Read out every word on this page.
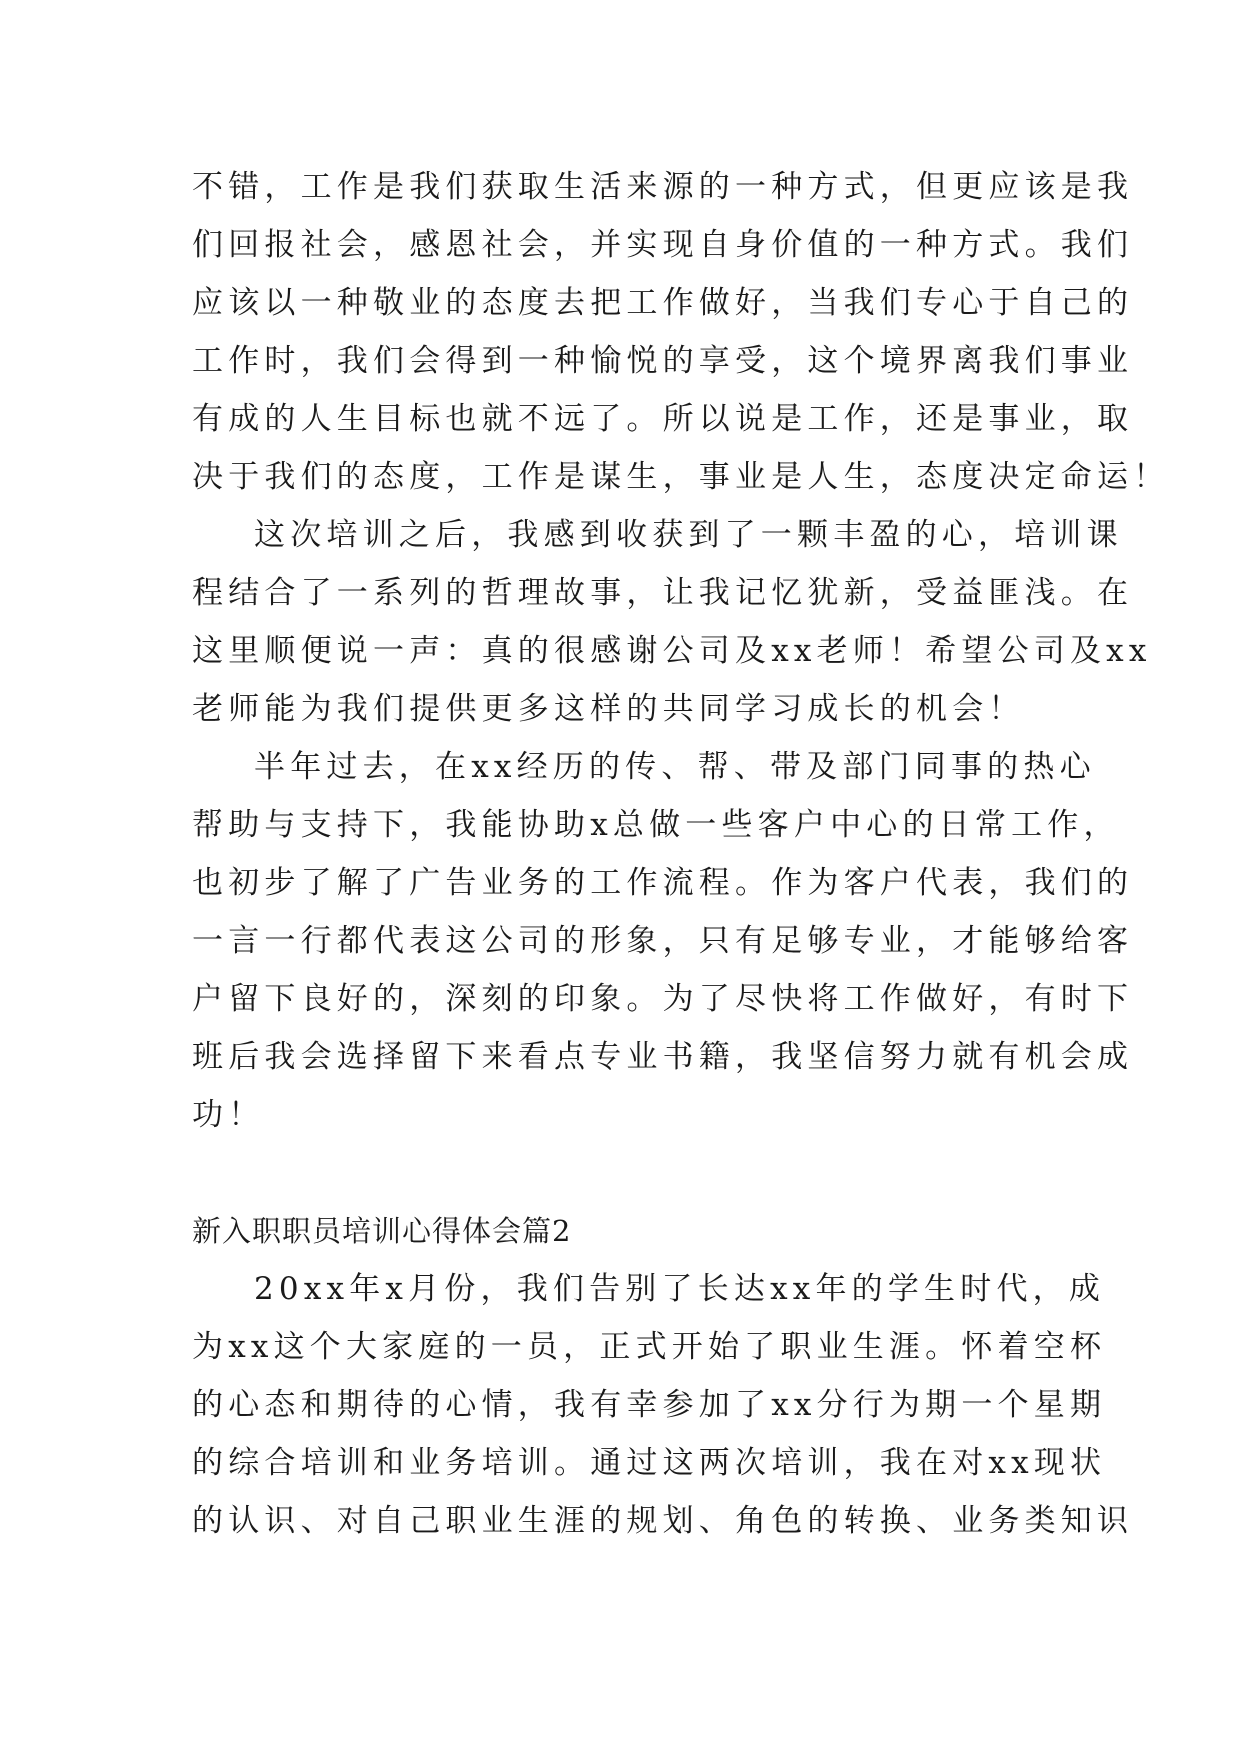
不错，工作是我们获取生活来源的一种方式，但更应该是我
们回报社会，感恩社会，并实现自身价值的一种方式。我们
应该以一种敬业的态度去把工作做好，当我们专心于自己的
工作时，我们会得到一种愉悦的享受，这个境界离我们事业
有成的人生目标也就不远了。所以说是工作，还是事业，取
决于我们的态度，工作是谋生，事业是人生，态度决定命运！
这次培训之后，我感到收获到了一颗丰盈的心，培训课
程结合了一系列的哲理故事，让我记忆犹新，受益匪浅。在
这里顺便说一声：真的很感谢公司及xx老师！希望公司及xx
老师能为我们提供更多这样的共同学习成长的机会！
半年过去，在xx经历的传、帮、带及部门同事的热心
帮助与支持下，我能协助x总做一些客户中心的日常工作，
也初步了解了广告业务的工作流程。作为客户代表，我们的
一言一行都代表这公司的形象，只有足够专业，才能够给客
户留下良好的，深刻的印象。为了尽快将工作做好，有时下
班后我会选择留下来看点专业书籍，我坚信努力就有机会成
功！
新入职职员培训心得体会篇2
20xx年x月份，我们告别了长达xx年的学生时代，成
为xx这个大家庭的一员，正式开始了职业生涯。怀着空杯
的心态和期待的心情，我有幸参加了xx分行为期一个星期
的综合培训和业务培训。通过这两次培训，我在对xx现状
的认识、对自己职业生涯的规划、角色的转换、业务类知识
